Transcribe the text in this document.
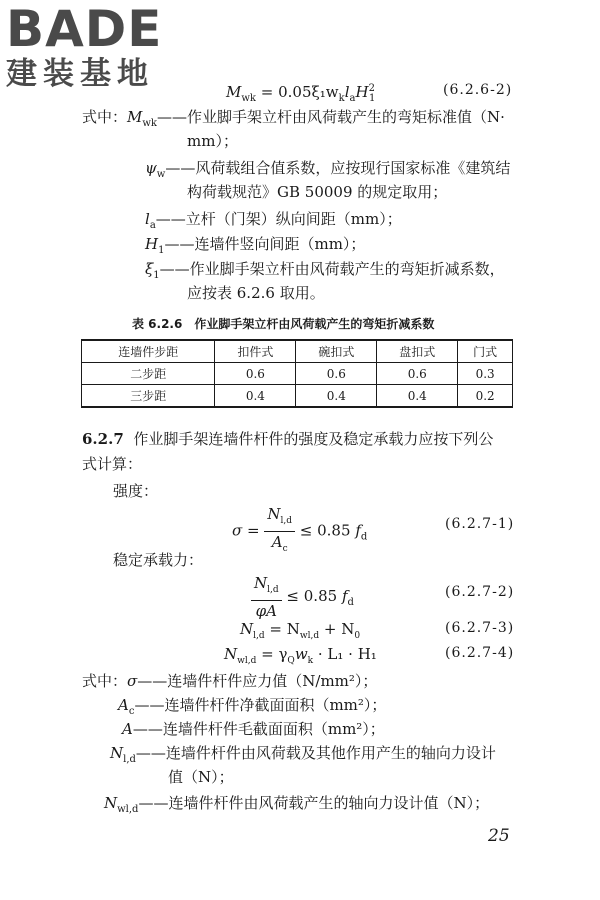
BADE
建装基地	$M_{wk} = 0.05\xi_1w_kl_aH^2_1$
(6.2.6-2)
式中：$M_{wk}——$作业脚手架立杆由风荷载产生的弯矩标准值（N·
mm）；
$\psi_w——$风荷载组合值系数，应按现行国家标准《建筑结
构荷载规范》GB 50009 的规定取用；
$l_a——$立杆（门架）纵向间距（mm）；
$H_1——$连墙件竖向间距（mm）；
$\xi_1——$作业脚手架立杆由风荷载产生的弯矩折减系数，
应按表 6.2.6 取用。
表 6.2.6　作业脚手架立杆由风荷载产生的弯矩折减系数
连墙件步距	扣件式	碗扣式	盘扣式	门式
二步距	0.6	0.6	0.6	0.3
三步距	0.4	0.4	0.4	0.2
6.2.7 作业脚手架连墙件杆件的强度及稳定承载力应按下列公
式计算：
强度：
$\sigma = \frac{N_{l,d}}{A_c} \le 0.85$ $f_d$
(6.2.7-1)
稳定承载力：
$\frac{N_{l,d}}{\varphi A} \le 0.85$ $f_d$
(6.2.7-2)
$N_{l,d} = N_{wl,d} + N_0$	(6.2.7-3)
$N_{wl,d} = \gamma_Qw_k \cdot L_1 \cdot H_1$	(6.2.7-4)
式中：σ——连墙件杆件应力值（N/mm²）；
$A_c——$连墙件杆件净截面面积（mm²）；
A——连墙件杆件毛截面面积（mm²）；
$N_{l,d}——$连墙件杆件由风荷载及其他作用产生的轴向力设计
值（N）；
$N_{wl,d}——$连墙件杆件由风荷载产生的轴向力设计值（N）；
25
